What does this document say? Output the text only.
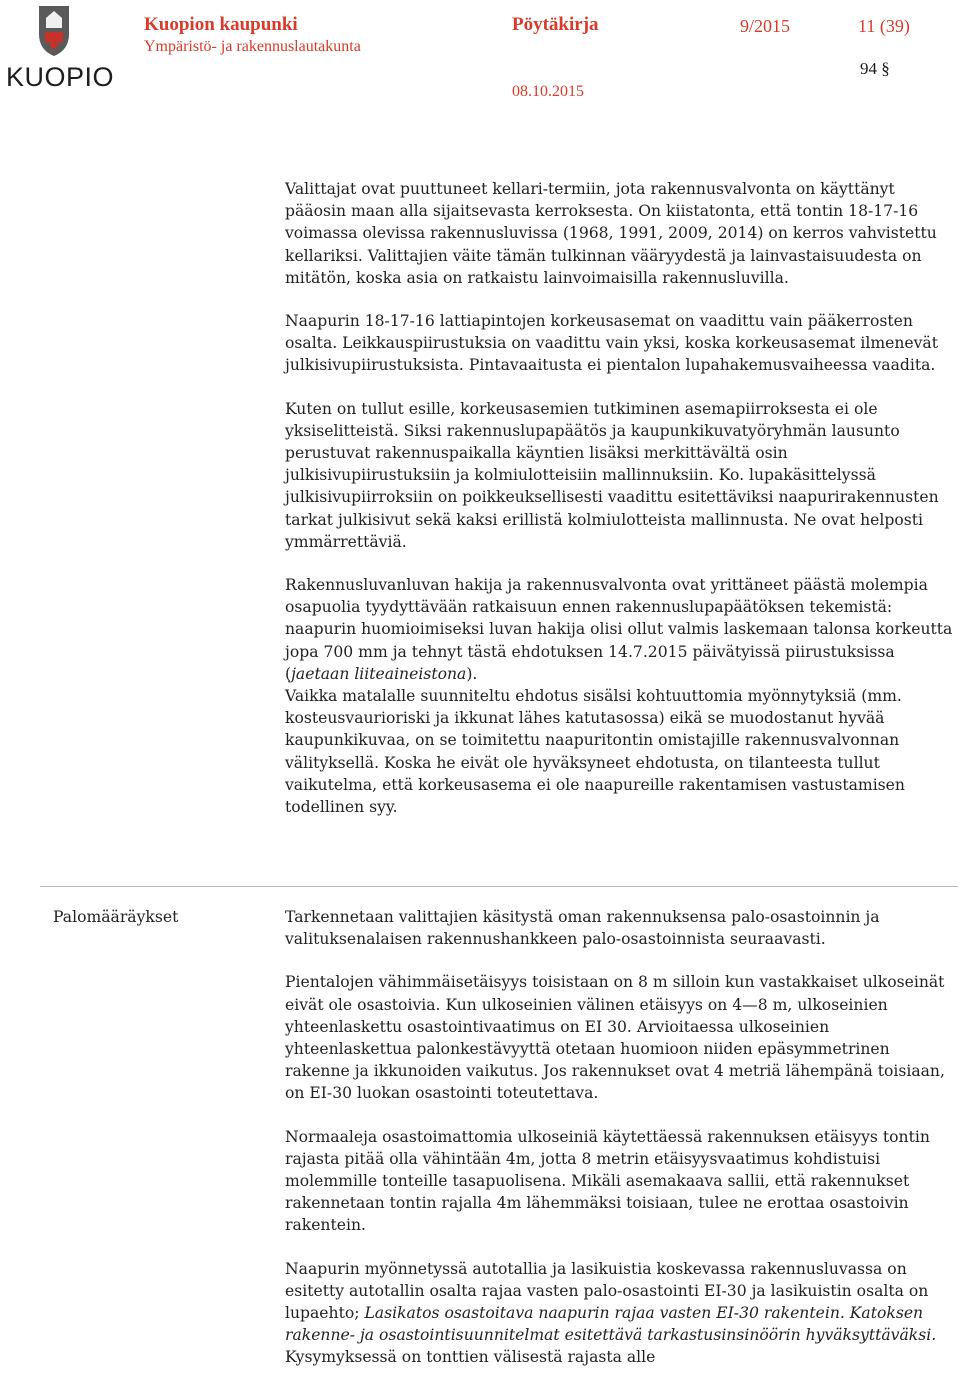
KUOPIO
Kuopion kaupunki
Ympäristö- ja rakennuslautakunta
Pöytäkirja	9/2015	11 (39)
94 §
08.10.2015

Valittajat ovat puuttuneet kellari-termiin, jota rakennusvalvonta on käyttänyt pääosin maan alla sijaitsevasta kerroksesta. On kiistatonta, että tontin 18-17-16 voimassa olevissa rakennusluvissa (1968, 1991, 2009, 2014) on kerros vahvistettu kellariksi. Valittajien väite tämän tulkinnan vääryydestä ja lainvastaisuudesta on mitätön, koska asia on ratkaistu lainvoimaisilla rakennusluvilla.

Naapurin 18-17-16 lattiapintojen korkeusasemat on vaadittu vain pääkerrosten osalta. Leikkauspiirustuksia on vaadittu vain yksi, koska korkeusasemat ilmenevät julkisivupiirustuksista. Pintavaaitusta ei pientalon lupahakemusvaiheessa vaadita.

Kuten on tullut esille, korkeusasemien tutkiminen asemapiirroksesta ei ole yksiselitteistä. Siksi rakennuslupapäätös ja kaupunkikuvatyöryhmän lausunto perustuvat rakennuspaikalla käyntien lisäksi merkittävältä osin julkisivupiirustuksiin ja kolmiulotteisiin mallinnuksiin. Ko. lupakäsittelyssä julkisivupiirroksiin on poikkeuksellisesti vaadittu esitettäviksi naapurirakennusten tarkat julkisivut sekä kaksi erillistä kolmiulotteista mallinnusta. Ne ovat helposti ymmärrettäviä.

Rakennusluvanluvan hakija ja rakennusvalvonta ovat yrittäneet päästä molempia osapuolia tyydyttävään ratkaisuun ennen rakennuslupapäätöksen tekemistä: naapurin huomioimiseksi luvan hakija olisi ollut valmis laskemaan talonsa korkeutta jopa 700 mm ja tehnyt tästä ehdotuksen 14.7.2015 päivätyissä piirustuksissa (jaetaan liiteaineistona).

Vaikka matalalle suunniteltu ehdotus sisälsi kohtuuttomia myönnytyksiä (mm. kosteusvaurioriski ja ikkunat lähes katutasossa) eikä se muodostanut hyvää kaupunkikuvaa, on se toimitettu naapuritontin omistajille rakennusvalvonnan välityksellä. Koska he eivät ole hyväksyneet ehdotusta, on tilanteesta tullut vaikutelma, että korkeusasema ei ole naapureille rakentamisen vastustamisen todellinen syy.

Palomääräykset	Tarkennetaan valittajien käsitystä oman rakennuksensa palo-osastoinnin ja valituksenalaisen rakennushankkeen palo-osastoinnista seuraavasti.

Pientalojen vähimmäisetäisyys toisistaan on 8 m silloin kun vastakkaiset ulkoseinät eivät ole osastoivia. Kun ulkoseinien välinen etäisyys on 4—8 m, ulkoseinien yhteenlaskettu osastointivaatimus on EI 30. Arvioitaessa ulkoseinien yhteenlaskettua palonkestävyyttä otetaan huomioon niiden epäsymmetrinen rakenne ja ikkunoiden vaikutus. Jos rakennukset ovat 4 metriä lähempänä toisiaan, on EI-30 luokan osastointi toteutettava.

Normaaleja osastoimattomia ulkoseiniä käytettäessä rakennuksen etäisyys tontin rajasta pitää olla vähintään 4m, jotta 8 metrin etäisyysvaatimus kohdistuisi molemmille tonteille tasapuolisena. Mikäli asemakaava sallii, että rakennukset rakennetaan tontin rajalla 4m lähemmäksi toisiaan, tulee ne erottaa osastoivin rakentein.

Naapurin myönnetyssä autotallia ja lasikuistia koskevassa rakennusluvassa on esitetty autotallin osalta rajaa vasten palo-osastointi EI-30 ja lasikuistin osalta on lupaehto; Lasikatos osastoitava naapurin rajaa vasten EI-30 rakentein. Katoksen rakenne- ja osastointisuunnitelmat esitettävä tarkastusinsinöörin hyväksyttäväksi. Kysymyksessä on tonttien välisestä rajasta alle
